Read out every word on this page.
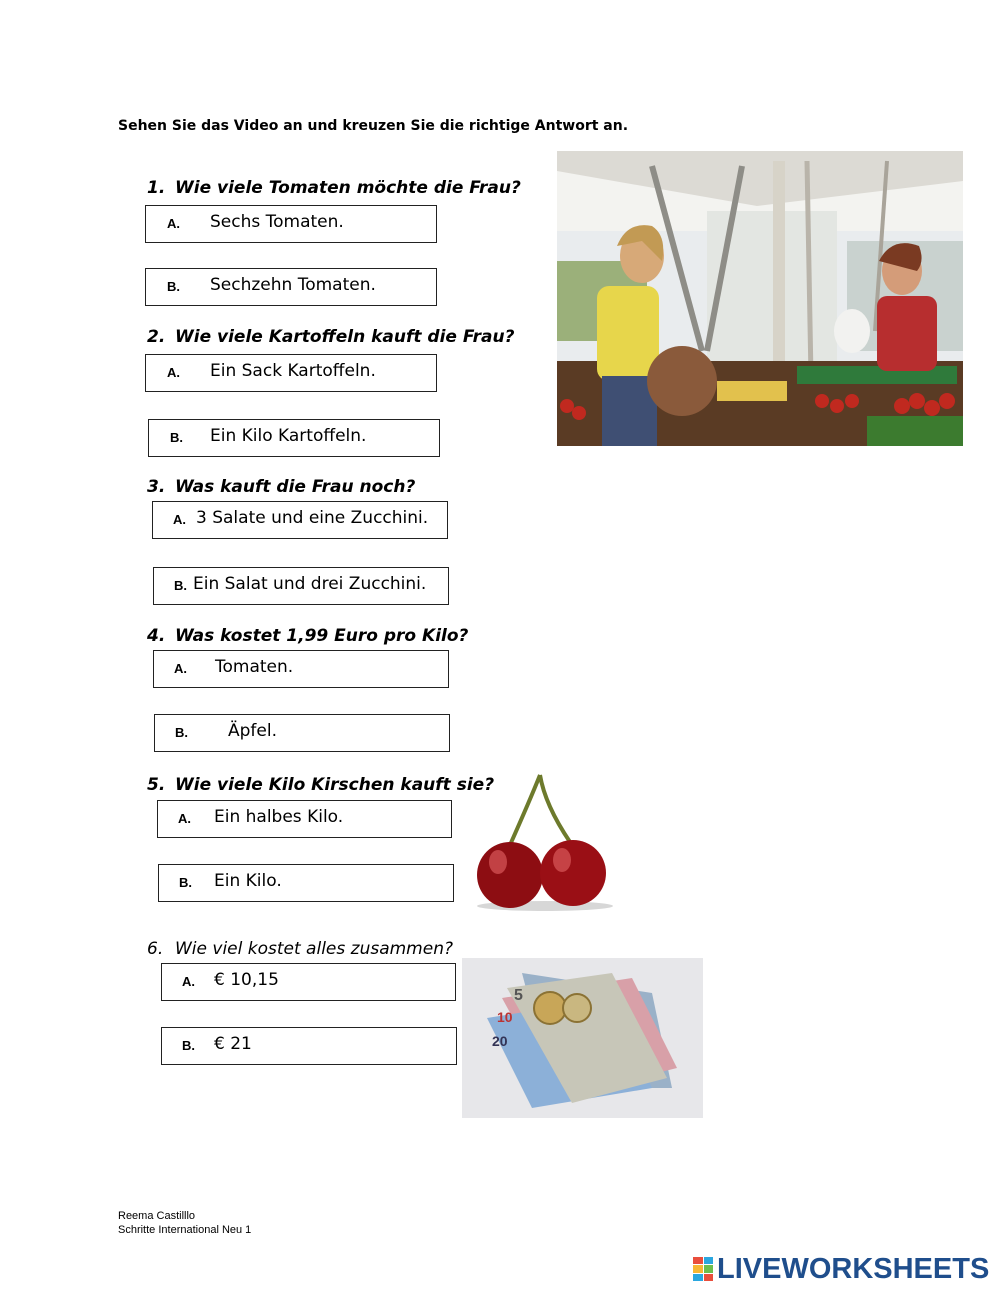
Sehen Sie das Video an und kreuzen Sie die richtige Antwort an.
1. Wie viele Tomaten möchte die Frau?
A. Sechs Tomaten.
B. Sechzehn Tomaten.
2. Wie viele Kartoffeln kauft die Frau?
A. Ein Sack Kartoffeln.
B. Ein Kilo Kartoffeln.
3. Was kauft die Frau noch?
A. 3 Salate und eine Zucchini.
B. Ein Salat und drei Zucchini.
4. Was kostet 1,99 Euro pro Kilo?
A. Tomaten.
B. Äpfel.
5. Wie viele Kilo Kirschen kauft sie?
A. Ein halbes Kilo.
B. Ein Kilo.
6. Wie viel kostet alles zusammen?
A. € 10,15
B. € 21
5
10
20
Reema Castilllo
Schritte International Neu 1
LIVEWORKSHEETS
